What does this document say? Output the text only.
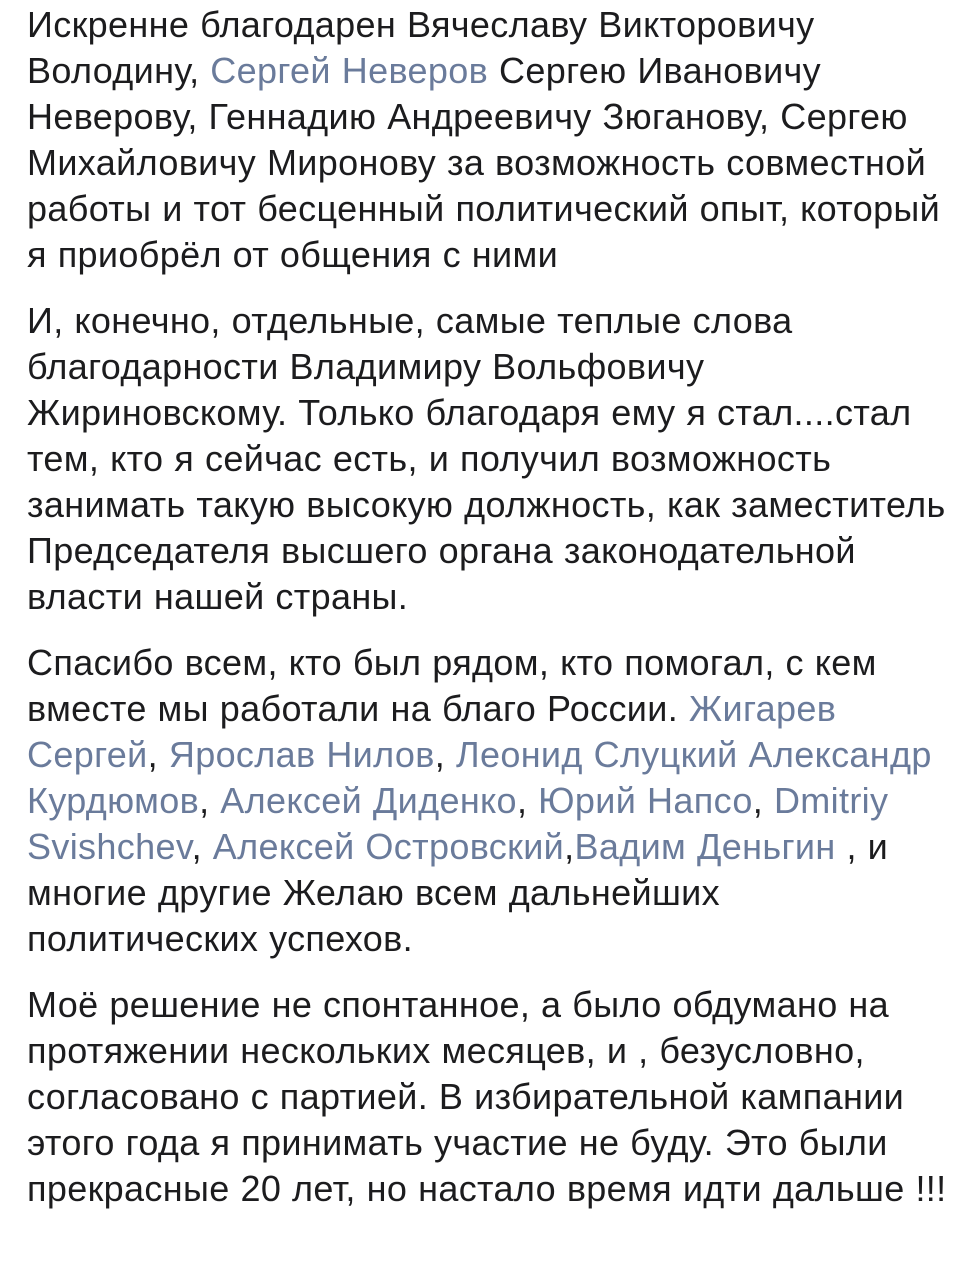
Искренне благодарен Вячеславу Викторовичу Володину, Сергей Неверов Сергею Ивановичу Неверову, Геннадию Андреевичу Зюганову, Сергею Михайловичу Миронову за возможность совместной работы и тот бесценный политический опыт, который я приобрёл от общения с ними

И, конечно, отдельные, самые теплые слова благодарности Владимиру Вольфовичу Жириновскому. Только благодаря ему я стал....стал тем, кто я сейчас есть, и получил возможность занимать такую высокую должность, как заместитель Председателя высшего органа законодательной власти нашей страны.

Спасибо всем, кто был рядом, кто помогал, с кем вместе мы работали на благо России. Жигарев Сергей, Ярослав Нилов, Леонид Слуцкий Александр Курдюмов, Алексей Диденко, Юрий Напсо, Dmitriy Svishchev, Алексей Островский,Вадим Деньгин , и многие другие Желаю всем дальнейших политических успехов.

Моё решение не спонтанное, а было обдумано на протяжении нескольких месяцев, и , безусловно, согласовано с партией. В избирательной кампании этого года я принимать участие не буду. Это были прекрасные 20 лет, но настало время идти дальше !!!
